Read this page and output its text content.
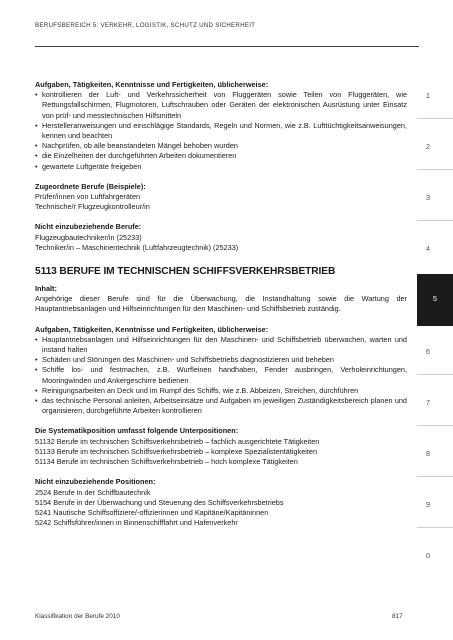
BERUFSBEREICH 5: VERKEHR, LOGISTIK, SCHUTZ UND SICHERHEIT
Aufgaben, Tätigkeiten, Kenntnisse und Fertigkeiten, üblicherweise:
• kontrollieren der Luft- und Verkehrssicherheit von Fluggeräten sowie Teilen von Fluggeräten, wie Rettungsfallschirmen, Flugmotoren, Luftschrauben oder Geräten der elektronischen Ausrüstung unter Einsatz von prüf- und messtechnischen Hilfsmitteln
• Herstelleranweisungen und einschlägige Standards, Regeln und Normen, wie z.B. Lufttüchtigkeitsanweisungen, kennen und beachten
• Nachprüfen, ob alle beanstandeten Mängel behoben wurden
• die Einzelheiten der durchgeführten Arbeiten dokumentieren
• gewartete Luftgeräte freigeben
Zugeordnete Berufe (Beispiele):
Prüfer/innen von Luftfahrgeräten
Technische/r Flugzeugkontrolleur/in
Nicht einzubeziehende Berufe:
Flugzeugbautechniker/in (25233)
Techniker/in – Maschinentechnik (Luftfahrzeugtechnik) (25233)
5113 BERUFE IM TECHNISCHEN SCHIFFSVERKEHRSBETRIEB
Inhalt:
Angehörige dieser Berufe sind für die Überwachung, die Instandhaltung sowie die Wartung der Hauptantriebsanlagen und Hilfseinrichtungen für den Maschinen- und Schiffsbetrieb zuständig.
Aufgaben, Tätigkeiten, Kenntnisse und Fertigkeiten, üblicherweise:
• Hauptantriebsanlagen und Hilfseinrichtungen für den Maschinen- und Schiffsbetrieb überwachen, warten und instand halten
• Schäden und Störungen des Maschinen- und Schiffsbetriebs diagnostizieren und beheben
• Schiffe los- und festmachen, z.B. Wurfleinen handhaben, Fender ausbringen, Verholeinrichtungen, Mooringwinden und Ankergeschirre bedienen
• Reinigungsarbeiten an Deck und im Rumpf des Schiffs, wie z.B. Abbeizen, Streichen, durchführen
• das technische Personal anleiten, Arbeitseinsätze und Aufgaben im jeweiligen Zuständigkeitsbereich planen und organisieren, durchgeführte Arbeiten kontrollieren
Die Systematikposition umfasst folgende Unterpositionen:
51132 Berufe im technischen Schiffsverkehrsbetrieb – fachlich ausgerichtete Tätigkeiten
51133 Berufe im technischen Schiffsverkehrsbetrieb – komplexe Spezialistentätigkeiten
51134 Berufe im technischen Schiffsverkehrsbetrieb – hoch komplexe Tätigkeiten
Nicht einzubeziehende Positionen:
2524 Berufe in der Schiffbautechnik
5154 Berufe in der Überwachung und Steuerung des Schiffsverkehrsbetriebs
5241 Nautische Schiffsoffiziere/-offizierinnen und Kapitäne/Kapitäninnen
5242 Schiffsführer/innen in Binnenschifffahrt und Hafenverkehr
1
2
3
4
5
6
7
8
9
0
Klassifikation der Berufe 2010	817
